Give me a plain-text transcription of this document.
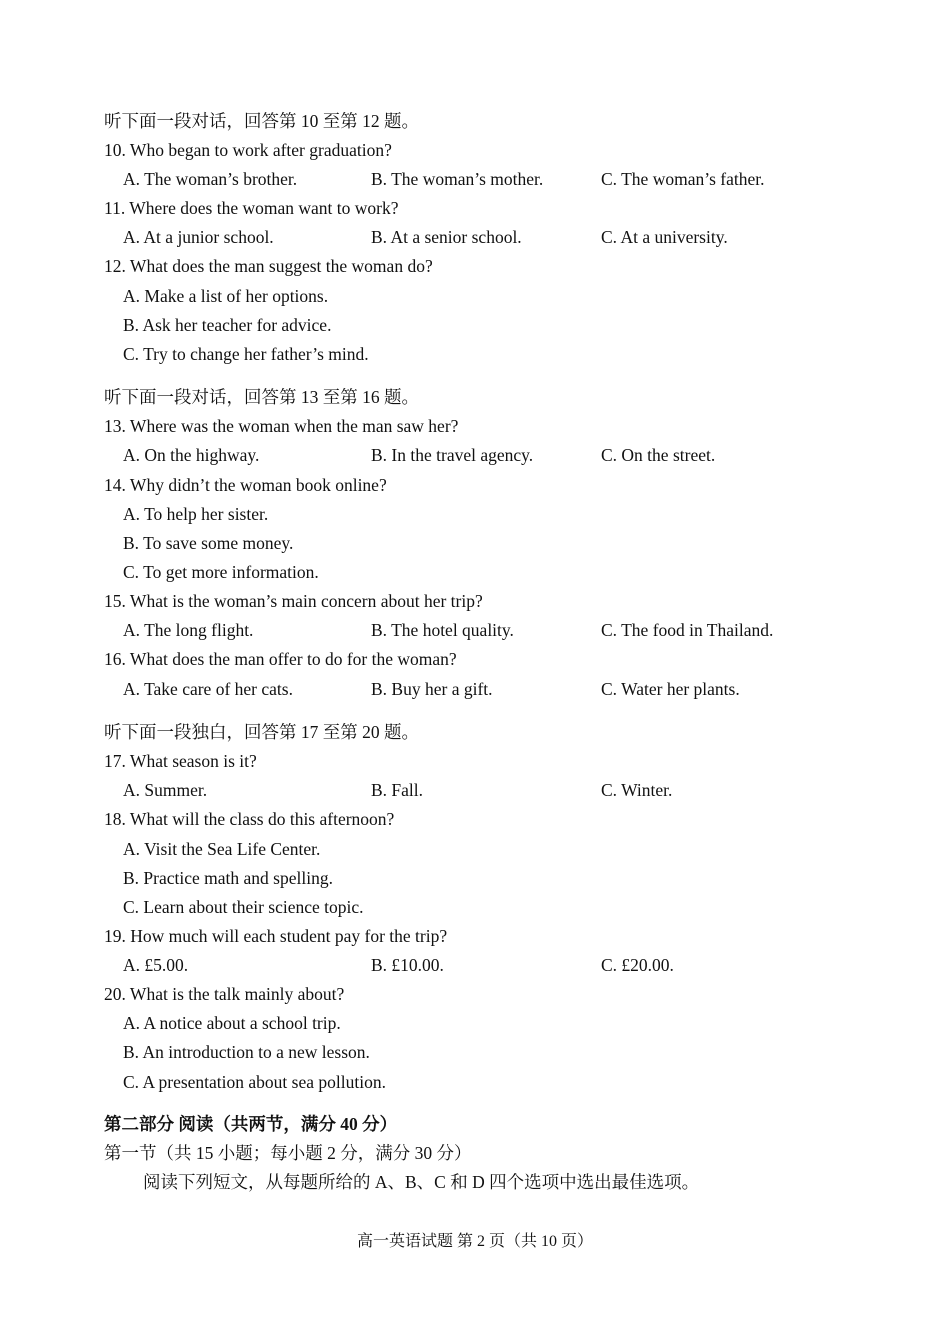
听下面一段对话，回答第 10 至第 12 题。
10. Who began to work after graduation?
A. The woman’s brother.	B. The woman’s mother.	C. The woman’s father.
11. Where does the woman want to work?
A. At a junior school.	B. At a senior school.	C. At a university.
12. What does the man suggest the woman do?
A. Make a list of her options.
B. Ask her teacher for advice.
C. Try to change her father’s mind.
听下面一段对话，回答第 13 至第 16 题。
13. Where was the woman when the man saw her?
A. On the highway.	B. In the travel agency.	C. On the street.
14. Why didn’t the woman book online?
A. To help her sister.
B. To save some money.
C. To get more information.
15. What is the woman’s main concern about her trip?
A. The long flight.	B. The hotel quality.	C. The food in Thailand.
16. What does the man offer to do for the woman?
A. Take care of her cats.	B. Buy her a gift.	C. Water her plants.
听下面一段独白，回答第 17 至第 20 题。
17. What season is it?
A. Summer.	B. Fall.	C. Winter.
18. What will the class do this afternoon?
A. Visit the Sea Life Center.
B. Practice math and spelling.
C. Learn about their science topic.
19. How much will each student pay for the trip?
A. £5.00.	B. £10.00.	C. £20.00.
20. What is the talk mainly about?
A. A notice about a school trip.
B. An introduction to a new lesson.
C. A presentation about sea pollution.
第二部分 阅读（共两节，满分 40 分）
第一节（共 15 小题；每小题 2 分，满分 30 分）
阅读下列短文，从每题所给的 A、B、C 和 D 四个选项中选出最佳选项。
高一英语试题 第 2 页（共 10 页）
